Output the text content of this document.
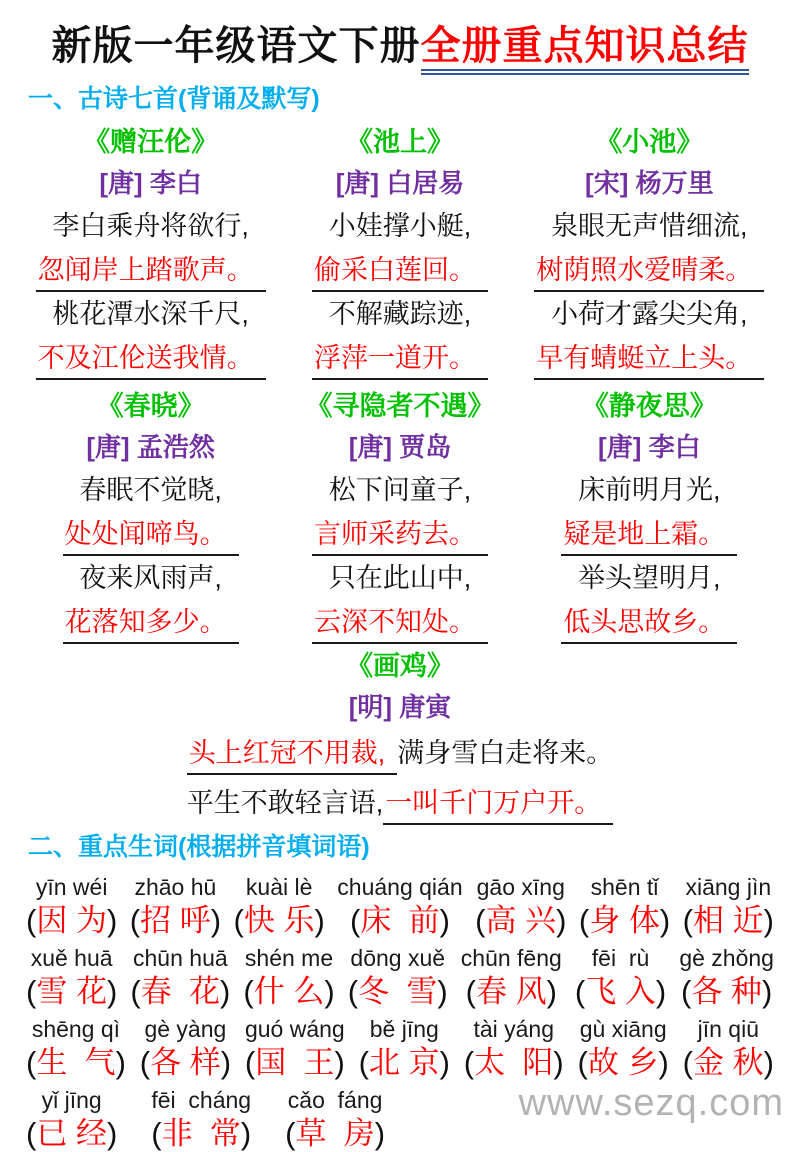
新版一年级语文下册全册重点知识总结
一、古诗七首(背诵及默写)
《赠汪伦》
[唐] 李白
李白乘舟将欲行,
忽闻岸上踏歌声。
桃花潭水深千尺,
不及江伦送我情。
《池上》
[唐] 白居易
小娃撑小艇,
偷采白莲回。
不解藏踪迹,
浮萍一道开。
《小池》
[宋] 杨万里
泉眼无声惜细流,
树荫照水爱晴柔。
小荷才露尖尖角,
早有蜻蜓立上头。
《春晓》
[唐] 孟浩然
春眠不觉晓,
处处闻啼鸟。
夜来风雨声,
花落知多少。
《寻隐者不遇》
[唐] 贾岛
松下问童子,
言师采药去。
只在此山中,
云深不知处。
《静夜思》
[唐] 李白
床前明月光,
疑是地上霜。
举头望明月,
低头思故乡。
《画鸡》
[明] 唐寅
头上红冠不用裁, 满身雪白走将来。
平生不敢轻言语,一叫千门万户开。
二、重点生词(根据拼音填词语)
yīn wéi
(因 为)
zhāo hū
(招 呼)
kuài lè
(快 乐)
chuáng qián
(床  前)
gāo xīng
(高 兴)
shēn tǐ
(身 体)
xiāng jìn
(相 近)
xuě huā
(雪 花)
chūn huā
(春  花)
shén me
(什 么)
dōng xuě
(冬  雪)
chūn fēng
(春 风)
fēi  rù
(飞 入)
gè zhǒng
(各 种)
shēng qì
(生  气)
gè yàng
(各 样)
guó wáng
(国  王)
bě jīng
(北 京)
tài yáng
(太  阳)
gù xiāng
(故 乡)
jīn qiū
(金 秋)
yǐ jīng
(已 经)
fēi  cháng
(非  常)
cǎo  fáng
(草  房)
www.sezq.com
